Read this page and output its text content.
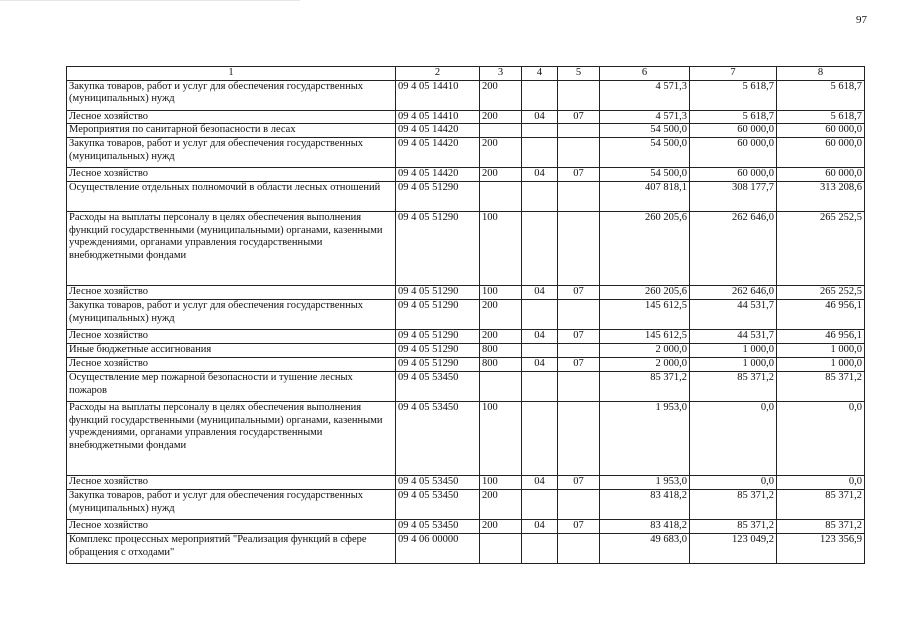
97
1	2	3	4	5	6	7	8
Закупка товаров, работ и услуг для обеспечения государственных (муниципальных) нужд	09 4 05 14410	200			4 571,3	5 618,7	5 618,7
Лесное хозяйство	09 4 05 14410	200	04	07	4 571,3	5 618,7	5 618,7
Мероприятия по санитарной безопасности в лесах	09 4 05 14420				54 500,0	60 000,0	60 000,0
Закупка товаров, работ и услуг для обеспечения государственных (муниципальных) нужд	09 4 05 14420	200			54 500,0	60 000,0	60 000,0
Лесное хозяйство	09 4 05 14420	200	04	07	54 500,0	60 000,0	60 000,0
Осуществление отдельных полномочий в области лесных отношений	09 4 05 51290				407 818,1	308 177,7	313 208,6
Расходы на выплаты персоналу в целях обеспечения выполнения функций государственными (муниципальными) органами, казенными учреждениями, органами управления государственными внебюджетными фондами	09 4 05 51290	100			260 205,6	262 646,0	265 252,5
Лесное хозяйство	09 4 05 51290	100	04	07	260 205,6	262 646,0	265 252,5
Закупка товаров, работ и услуг для обеспечения государственных (муниципальных) нужд	09 4 05 51290	200			145 612,5	44 531,7	46 956,1
Лесное хозяйство	09 4 05 51290	200	04	07	145 612,5	44 531,7	46 956,1
Иные бюджетные ассигнования	09 4 05 51290	800			2 000,0	1 000,0	1 000,0
Лесное хозяйство	09 4 05 51290	800	04	07	2 000,0	1 000,0	1 000,0
Осуществление мер пожарной безопасности и тушение лесных пожаров	09 4 05 53450				85 371,2	85 371,2	85 371,2
Расходы на выплаты персоналу в целях обеспечения выполнения функций государственными (муниципальными) органами, казенными учреждениями, органами управления государственными внебюджетными фондами	09 4 05 53450	100			1 953,0	0,0	0,0
Лесное хозяйство	09 4 05 53450	100	04	07	1 953,0	0,0	0,0
Закупка товаров, работ и услуг для обеспечения государственных (муниципальных) нужд	09 4 05 53450	200			83 418,2	85 371,2	85 371,2
Лесное хозяйство	09 4 05 53450	200	04	07	83 418,2	85 371,2	85 371,2
Комплекс процессных мероприятий "Реализация функций в сфере обращения с отходами"	09 4 06 00000				49 683,0	123 049,2	123 356,9
